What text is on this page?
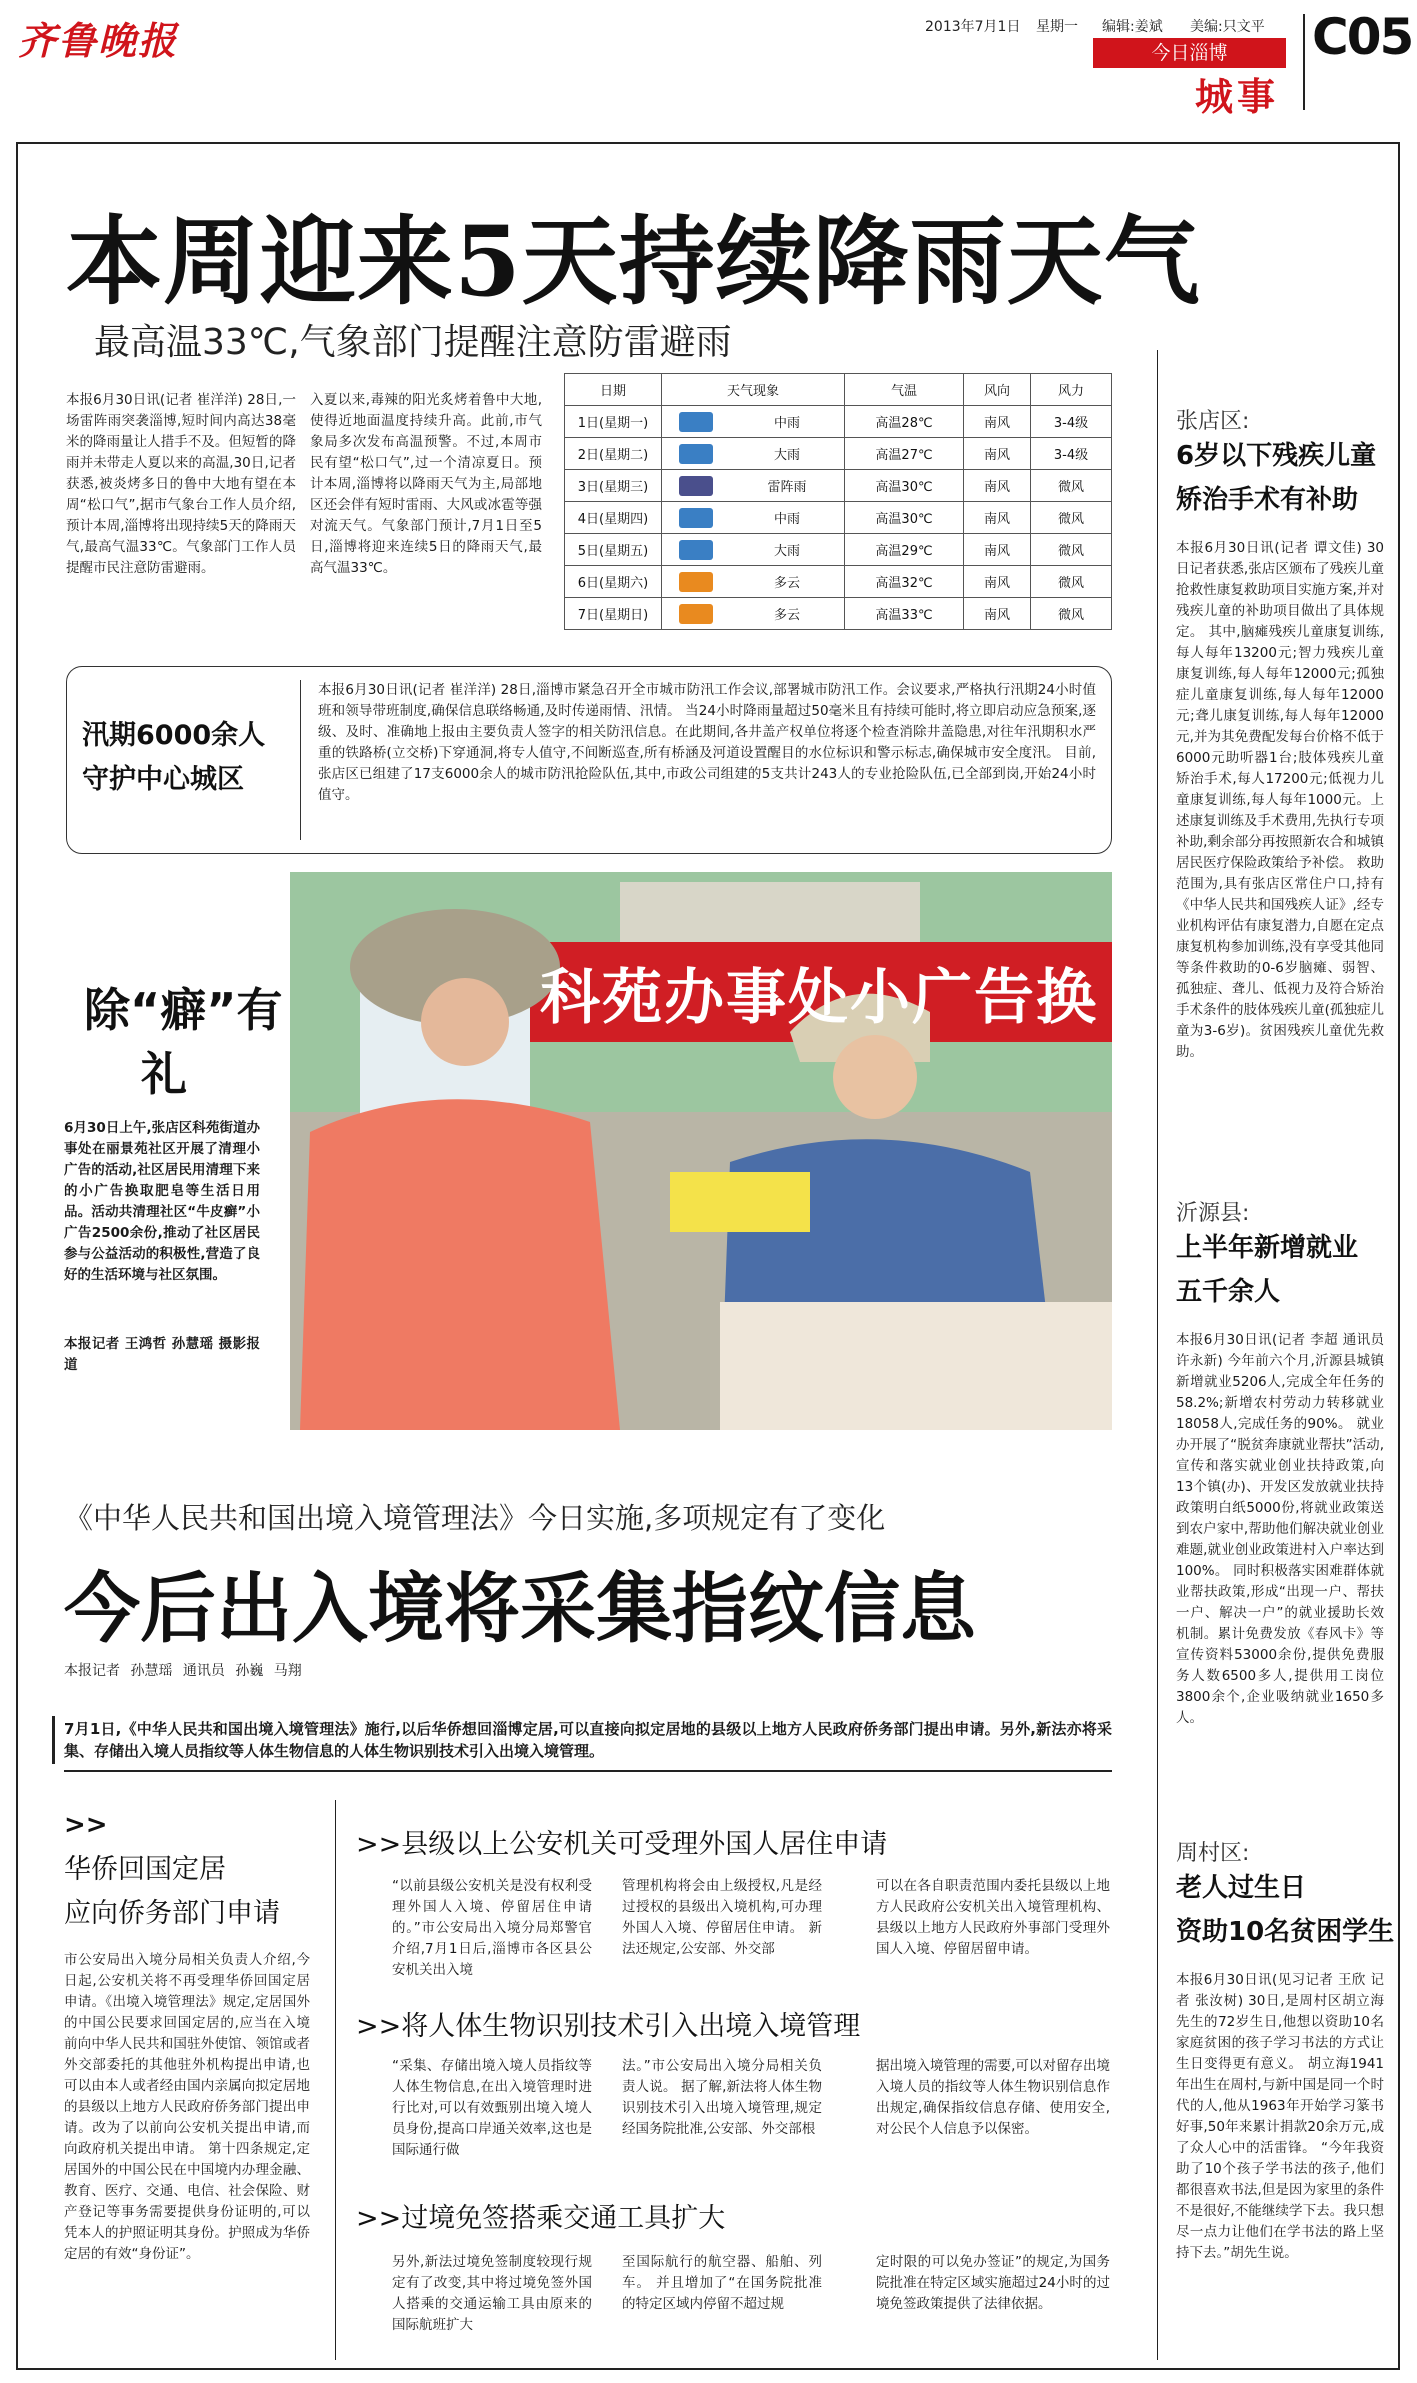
齐鲁晚报	2013年7月1日 星期一 编辑:姜斌 美编:只文平
今日淄博
城事
C05
本周迎来5天持续降雨天气
最高温33℃,气象部门提醒注意防雷避雨
本报6月30日讯(记者 崔洋洋) 28日,一场雷阵雨突袭淄博,短时间内高达38毫米的降雨量让人措手不及。但短暂的降雨并未带走人夏以来的高温,30日,记者获悉,被炎烤多日的鲁中大地有望在本周“松口气”,据市气象台工作人员介绍,预计本周,淄博将出现持续5天的降雨天气,最高气温33℃。气象部门工作人员提醒市民注意防雷避雨。
入夏以来,毒辣的阳光炙烤着鲁中大地,使得近地面温度持续升高。此前,市气象局多次发布高温预警。不过,本周市民有望“松口气”,过一个清凉夏日。预计本周,淄博将以降雨天气为主,局部地区还会伴有短时雷雨、大风或冰雹等强对流天气。气象部门预计,7月1日至5日,淄博将迎来连续5日的降雨天气,最高气温33℃。
日期	天气现象		气温	风向	风力
1日(星期一)		中雨	高温28℃	南风	3-4级
2日(星期二)		大雨	高温27℃	南风	3-4级
3日(星期三)		雷阵雨	高温30℃	南风	微风
4日(星期四)		中雨	高温30℃	南风	微风
5日(星期五)		大雨	高温29℃	南风	微风
6日(星期六)		多云	高温32℃	南风	微风
7日(星期日)		多云	高温33℃	南风	微风
汛期6000余人
守护中心城区
本报6月30日讯(记者 崔洋洋) 28日,淄博市紧急召开全市城市防汛工作会议,部署城市防汛工作。会议要求,严格执行汛期24小时值班和领导带班制度,确保信息联络畅通,及时传递雨情、汛情。 当24小时降雨量超过50毫米且有持续可能时,将立即启动应急预案,逐级、及时、准确地上报由主要负责人签字的相关防汛信息。在此期间,各井盖产权单位将逐个检查消除井盖隐患,对往年汛期积水严重的铁路桥(立交桥)下穿通洞,将专人值守,不间断巡查,所有桥涵及河道设置醒目的水位标识和警示标志,确保城市安全度汛。 目前,张店区已组建了17支6000余人的城市防汛抢险队伍,其中,市政公司组建的5支共计243人的专业抢险队伍,已全部到岗,开始24小时值守。
除“癖”有礼
6月30日上午,张店区科苑街道办事处在丽景苑社区开展了清理小广告的活动,社区居民用清理下来的小广告换取肥皂等生活日用品。活动共清理社区“牛皮癣”小广告2500余份,推动了社区居民参与公益活动的积极性,营造了良好的生活环境与社区氛围。
本报记者 王鸿哲 孙慧瑶 摄影报道
科苑办事处小广告换
《中华人民共和国出境入境管理法》今日实施,多项规定有了变化
今后出入境将采集指纹信息
本报记者 孙慧瑶 通讯员 孙巍 马翔
7月1日,《中华人民共和国出境入境管理法》施行,以后华侨想回淄博定居,可以直接向拟定居地的县级以上地方人民政府侨务部门提出申请。另外,新法亦将采集、存储出入境人员指纹等人体生物信息的人体生物识别技术引入出境入境管理。
>>
华侨回国定居
应向侨务部门申请
市公安局出入境分局相关负责人介绍,今日起,公安机关将不再受理华侨回国定居申请。《出境入境管理法》规定,定居国外的中国公民要求回国定居的,应当在入境前向中华人民共和国驻外使馆、领馆或者外交部委托的其他驻外机构提出申请,也可以由本人或者经由国内亲属向拟定居地的县级以上地方人民政府侨务部门提出申请。改为了以前向公安机关提出申请,而向政府机关提出申请。 第十四条规定,定居国外的中国公民在中国境内办理金融、教育、医疗、交通、电信、社会保险、财产登记等事务需要提供身份证明的,可以凭本人的护照证明其身份。护照成为华侨定居的有效“身份证”。
>>县级以上公安机关可受理外国人居住申请
“以前县级公安机关是没有权利受理外国人入境、停留居住申请的。”市公安局出入境分局郑警官介绍,7月1日后,淄博市各区县公安机关出入境
管理机构将会由上级授权,凡是经过授权的县级出入境机构,可办理外国人入境、停留居住申请。 新法还规定,公安部、外交部
可以在各自职责范围内委托县级以上地方人民政府公安机关出入境管理机构、县级以上地方人民政府外事部门受理外国人入境、停留居留申请。
>>将人体生物识别技术引入出境入境管理
“采集、存储出境入境人员指纹等人体生物信息,在出入境管理时进行比对,可以有效甄别出境入境人员身份,提高口岸通关效率,这也是国际通行做
法。”市公安局出入境分局相关负责人说。 据了解,新法将人体生物识别技术引入出境入境管理,规定经国务院批准,公安部、外交部根
据出境入境管理的需要,可以对留存出境入境人员的指纹等人体生物识别信息作出规定,确保指纹信息存储、使用安全,对公民个人信息予以保密。
>>过境免签搭乘交通工具扩大
另外,新法过境免签制度较现行规定有了改变,其中将过境免签外国人搭乘的交通运输工具由原来的国际航班扩大
至国际航行的航空器、船舶、列车。 并且增加了“在国务院批准的特定区域内停留不超过规
定时限的可以免办签证”的规定,为国务院批准在特定区域实施超过24小时的过境免签政策提供了法律依据。
张店区:
6岁以下残疾儿童
矫治手术有补助
本报6月30日讯(记者 谭文佳) 30日记者获悉,张店区颁布了残疾儿童抢救性康复救助项目实施方案,并对残疾儿童的补助项目做出了具体规定。 其中,脑瘫残疾儿童康复训练,每人每年13200元;智力残疾儿童康复训练,每人每年12000元;孤独症儿童康复训练,每人每年12000元;聋儿康复训练,每人每年12000元,并为其免费配发每台价格不低于6000元助听器1台;肢体残疾儿童矫治手术,每人17200元;低视力儿童康复训练,每人每年1000元。上述康复训练及手术费用,先执行专项补助,剩余部分再按照新农合和城镇居民医疗保险政策给予补偿。 救助范围为,具有张店区常住户口,持有《中华人民共和国残疾人证》,经专业机构评估有康复潜力,自愿在定点康复机构参加训练,没有享受其他同等条件救助的0-6岁脑瘫、弱智、孤独症、聋儿、低视力及符合矫治手术条件的肢体残疾儿童(孤独症儿童为3-6岁)。贫困残疾儿童优先救助。
沂源县:
上半年新增就业
五千余人
本报6月30日讯(记者 李超 通讯员 许永新) 今年前六个月,沂源县城镇新增就业5206人,完成全年任务的58.2%;新增农村劳动力转移就业18058人,完成任务的90%。 就业办开展了“脱贫奔康就业帮扶”活动,宣传和落实就业创业扶持政策,向13个镇(办)、开发区发放就业扶持政策明白纸5000份,将就业政策送到农户家中,帮助他们解决就业创业难题,就业创业政策进村入户率达到100%。 同时积极落实困难群体就业帮扶政策,形成“出现一户、帮扶一户、解决一户”的就业援助长效机制。累计免费发放《春风卡》等宣传资料53000余份,提供免费服务人数6500多人,提供用工岗位3800余个,企业吸纳就业1650多人。
周村区:
老人过生日
资助10名贫困学生
本报6月30日讯(见习记者 王欣 记者 张汝树) 30日,是周村区胡立海先生的72岁生日,他想以资助10名家庭贫困的孩子学习书法的方式让生日变得更有意义。 胡立海1941年出生在周村,与新中国是同一个时代的人,他从1963年开始学习篆书好事,50年来累计捐款20余万元,成了众人心中的活雷锋。 “今年我资助了10个孩子学书法的孩子,他们都很喜欢书法,但是因为家里的条件不是很好,不能继续学下去。我只想尽一点力让他们在学书法的路上坚持下去。”胡先生说。
